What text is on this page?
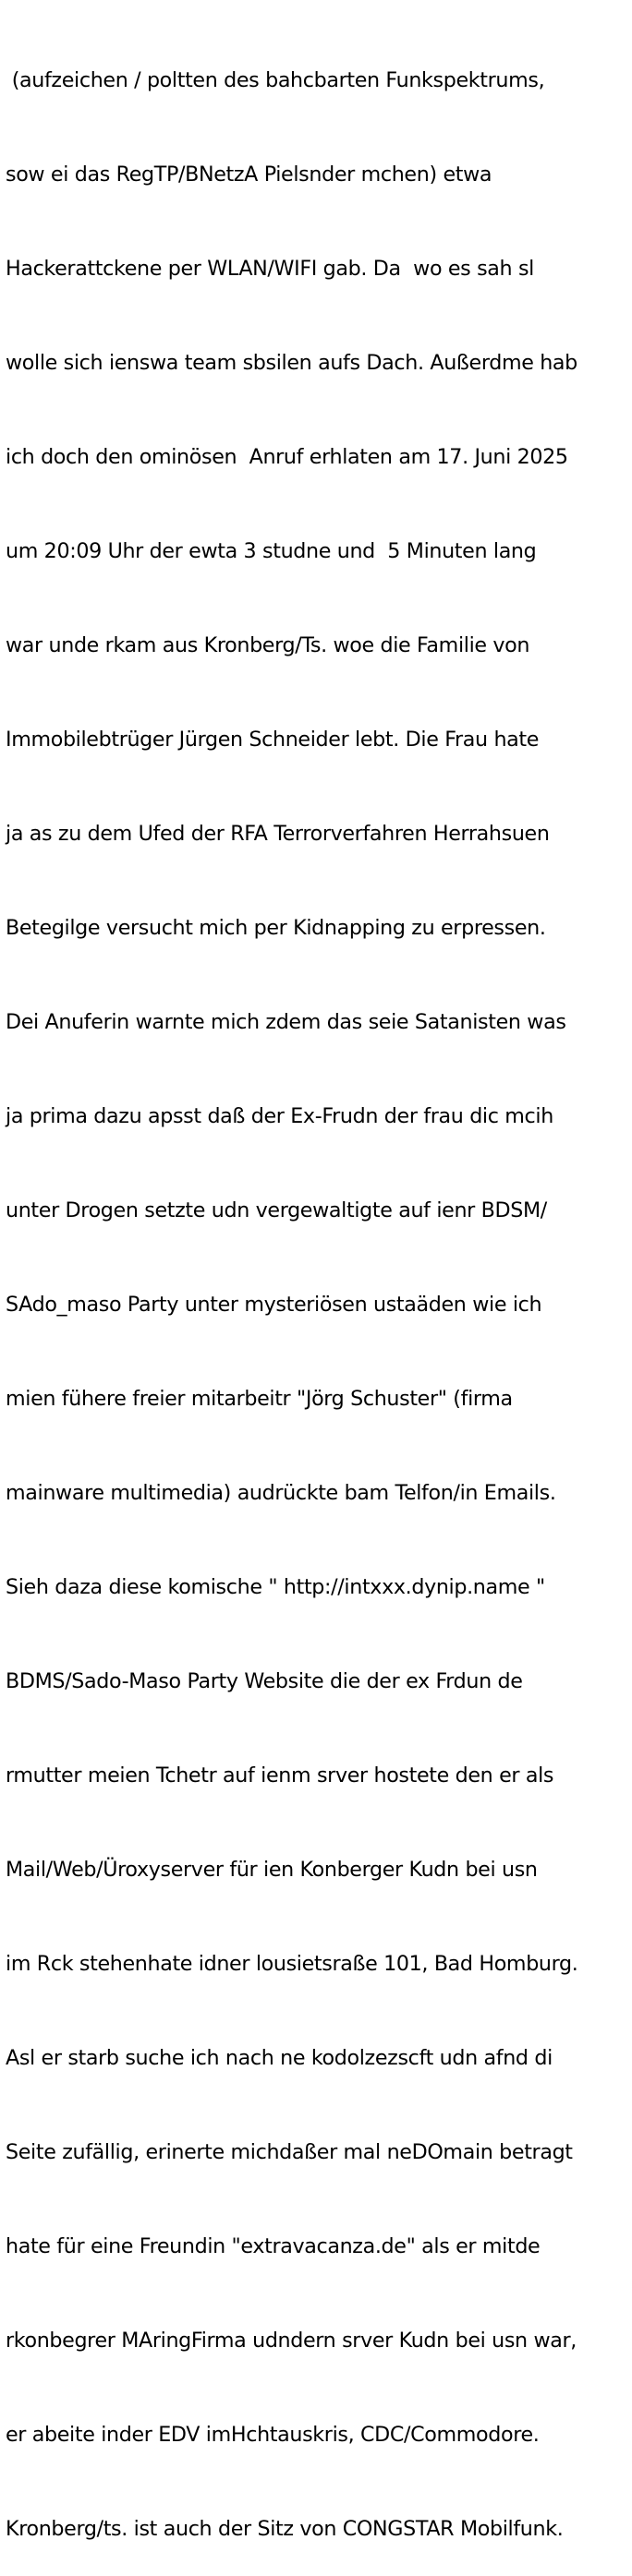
(aufzeichen / poltten des bahcbarten Funkspektrums,

sow ei das RegTP/BNetzA Pielsnder mchen) etwa

Hackerattckene per WLAN/WIFI gab. Da  wo es sah sl

wolle sich ienswa team sbsilen aufs Dach. Außerdme hab

ich doch den ominösen  Anruf erhlaten am 17. Juni 2025

um 20:09 Uhr der ewta 3 studne und  5 Minuten lang

war unde rkam aus Kronberg/Ts. woe die Familie von

Immobilebtrüger Jürgen Schneider lebt. Die Frau hate

ja as zu dem Ufed der RFA Terrorverfahren Herrahsuen

Betegilge versucht mich per Kidnapping zu erpressen.

Dei Anuferin warnte mich zdem das seie Satanisten was

ja prima dazu apsst daß der Ex-Frudn der frau dic mcih

unter Drogen setzte udn vergewaltigte auf ienr BDSM/

SAdo_maso Party unter mysteriösen ustaäden wie ich

mien fühere freier mitarbeitr "Jörg Schuster" (firma

mainware multimedia) audrückte bam Telfon/in Emails.

Sieh daza diese komische " http://intxxx.dynip.name "

BDMS/Sado-Maso Party Website die der ex Frdun de

rmutter meien Tchetr auf ienm srver hostete den er als

Mail/Web/Üroxyserver für ien Konberger Kudn bei usn

im Rck stehenhate idner lousietsraße 101, Bad Homburg.

Asl er starb suche ich nach ne kodolzezscft udn afnd di

Seite zufällig, erinerte michdaßer mal neDOmain betragt

hate für eine Freundin "extravacanza.de" als er mitde

rkonbegrer MAringFirma udndern srver Kudn bei usn war,

er abeite inder EDV imHchtauskris, CDC/Commodore.

Kronberg/ts. ist auch der Sitz von CONGSTAR Mobilfunk.
